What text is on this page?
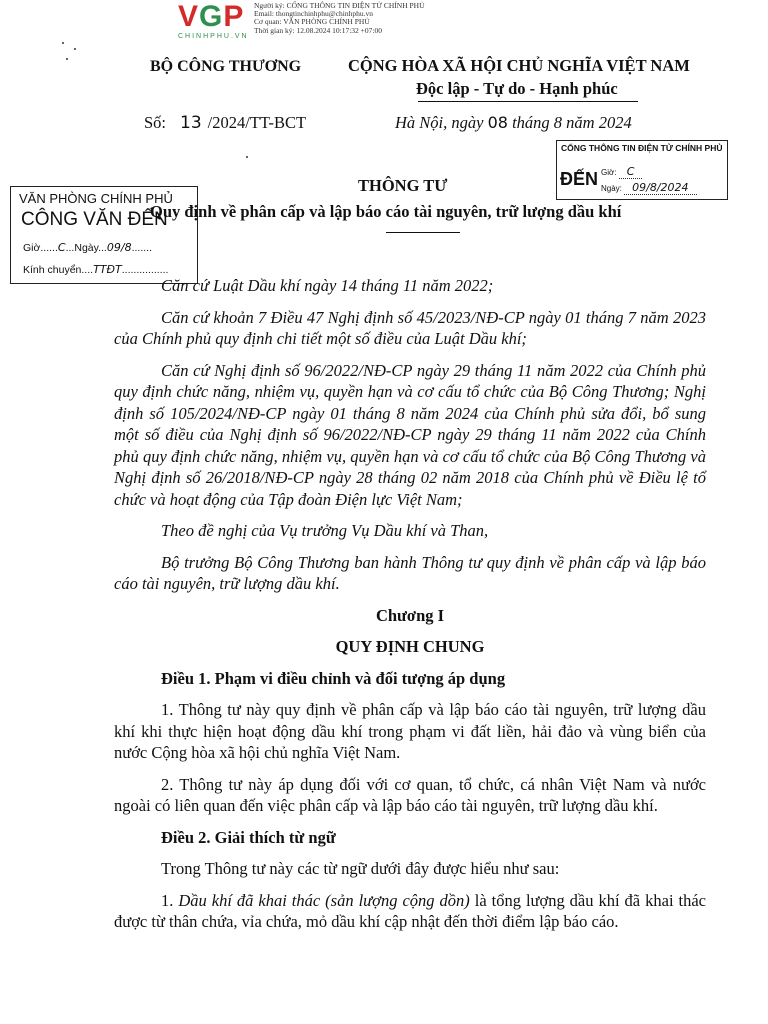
VGP
CHINHPHU.VN
Người ký: CỔNG THÔNG TIN ĐIỆN TỬ CHÍNH PHỦ
Email: thongtinchinhphu@chinhphu.vn
Cơ quan: VĂN PHÒNG CHÍNH PHỦ
Thời gian ký: 12.08.2024 10:17:32 +07:00
BỘ CÔNG THƯƠNG	CỘNG HÒA XÃ HỘI CHỦ NGHĨA VIỆT NAM
Độc lập - Tự do - Hạnh phúc
Số: 13 /2024/TT-BCT	Hà Nội, ngày 08 tháng 8 năm 2024
CỔNG THÔNG TIN ĐIỆN TỬ CHÍNH PHỦ
ĐẾN Giờ: C
Ngày: 09/8/2024
VĂN PHÒNG CHÍNH PHỦ
CÔNG VĂN ĐẾN
Giờ......C...Ngày...09/8.......
Kính chuyển....TTĐT................
THÔNG TƯ
Quy định về phân cấp và lập báo cáo tài nguyên, trữ lượng dầu khí

Căn cứ Luật Dầu khí ngày 14 tháng 11 năm 2022;

Căn cứ khoản 7 Điều 47 Nghị định số 45/2023/NĐ-CP ngày 01 tháng 7 năm 2023 của Chính phủ quy định chi tiết một số điều của Luật Dầu khí;

Căn cứ Nghị định số 96/2022/NĐ-CP ngày 29 tháng 11 năm 2022 của Chính phủ quy định chức năng, nhiệm vụ, quyền hạn và cơ cấu tổ chức của Bộ Công Thương; Nghị định số 105/2024/NĐ-CP ngày 01 tháng 8 năm 2024 của Chính phủ sửa đổi, bổ sung một số điều của Nghị định số 96/2022/NĐ-CP ngày 29 tháng 11 năm 2022 của Chính phủ quy định chức năng, nhiệm vụ, quyền hạn và cơ cấu tổ chức của Bộ Công Thương và Nghị định số 26/2018/NĐ-CP ngày 28 tháng 02 năm 2018 của Chính phủ về Điều lệ tổ chức và hoạt động của Tập đoàn Điện lực Việt Nam;

Theo đề nghị của Vụ trưởng Vụ Dầu khí và Than,

Bộ trưởng Bộ Công Thương ban hành Thông tư quy định về phân cấp và lập báo cáo tài nguyên, trữ lượng dầu khí.

Chương I

QUY ĐỊNH CHUNG

Điều 1. Phạm vi điều chỉnh và đối tượng áp dụng

1. Thông tư này quy định về phân cấp và lập báo cáo tài nguyên, trữ lượng dầu khí khi thực hiện hoạt động dầu khí trong phạm vi đất liền, hải đảo và vùng biển của nước Cộng hòa xã hội chủ nghĩa Việt Nam.

2. Thông tư này áp dụng đối với cơ quan, tổ chức, cá nhân Việt Nam và nước ngoài có liên quan đến việc phân cấp và lập báo cáo tài nguyên, trữ lượng dầu khí.

Điều 2. Giải thích từ ngữ

Trong Thông tư này các từ ngữ dưới đây được hiểu như sau:

1. Dầu khí đã khai thác (sản lượng cộng dồn) là tổng lượng dầu khí đã khai thác được từ thân chứa, vỉa chứa, mỏ dầu khí cập nhật đến thời điểm lập báo cáo.
